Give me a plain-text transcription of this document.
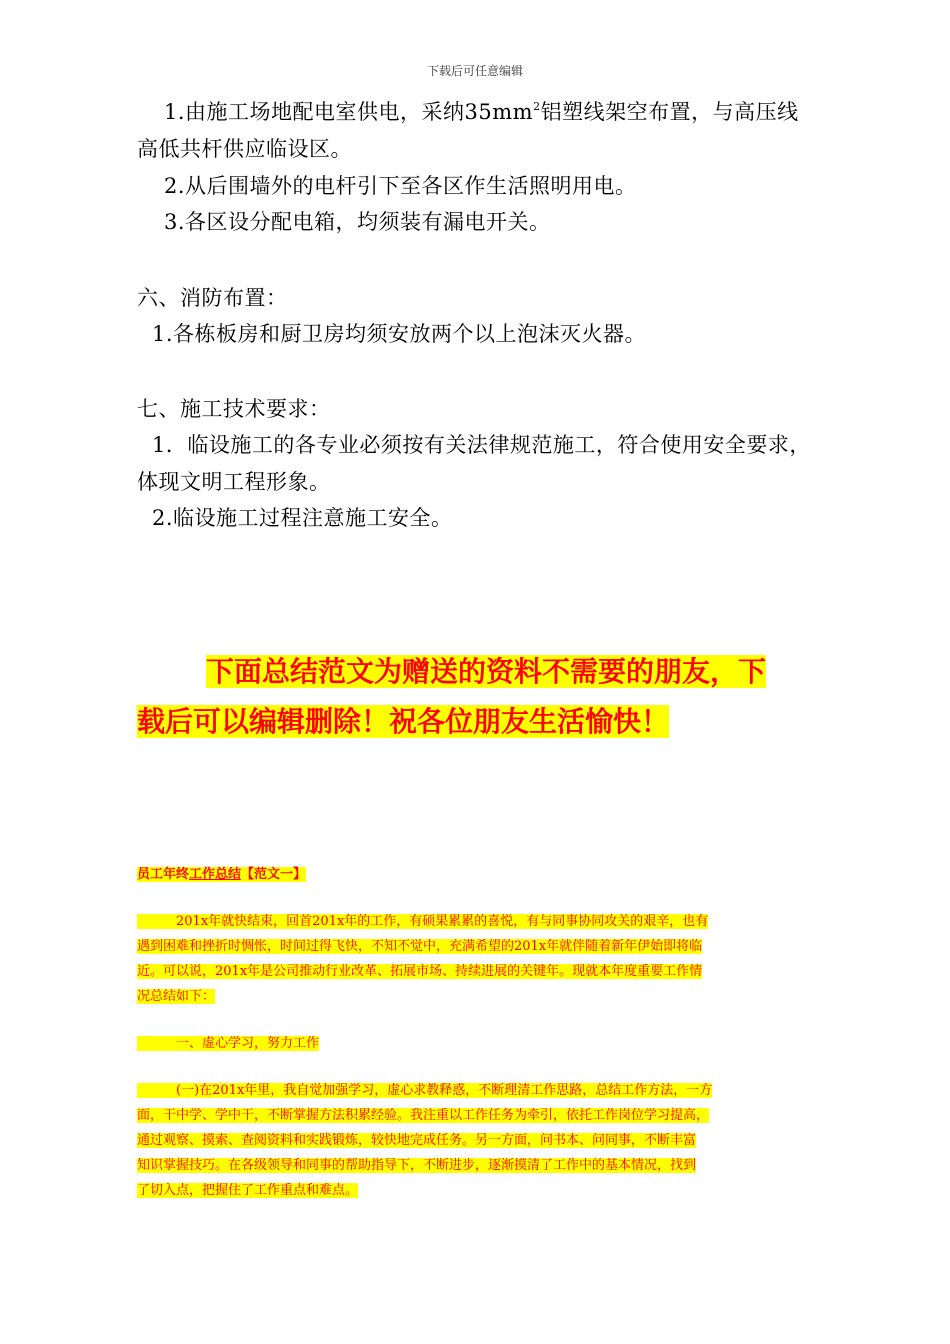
下载后可任意编辑
1.由施工场地配电室供电，采纳$35mm^2$铝塑线架空布置，与高压线
高低共杆供应临设区。
2.从后围墙外的电杆引下至各区作生活照明用电。
3.各区设分配电箱，均须装有漏电开关。
六、消防布置：
1.各栋板房和厨卫房均须安放两个以上泡沫灭火器。
七、施工技术要求：
1．临设施工的各专业必须按有关法律规范施工，符合使用安全要求，
体现文明工程形象。
2.临设施工过程注意施工安全。
下面总结范文为赠送的资料不需要的朋友，下
载后可以编辑删除！祝各位朋友生活愉快！
员工年终工作总结【范文一】
　　　201x年就快结束，回首201x年的工作，有硕果累累的喜悦，有与同事协同攻关的艰辛，也有
遇到困难和挫折时惆怅，时间过得飞快，不知不觉中，充满希望的201x年就伴随着新年伊始即将临
近。可以说，201x年是公司推动行业改革、拓展市场、持续进展的关键年。现就本年度重要工作情
况总结如下：
　　　一、虚心学习，努力工作
　　　(一)在201x年里，我自觉加强学习，虚心求教释惑，不断理清工作思路，总结工作方法，一方
面，干中学、学中干，不断掌握方法积累经验。我注重以工作任务为牵引，依托工作岗位学习提高，
通过观察、摸索、查阅资料和实践锻炼，较快地完成任务。另一方面，问书本、问同事，不断丰富
知识掌握技巧。在各级领导和同事的帮助指导下，不断进步，逐渐摸清了工作中的基本情况，找到
了切入点，把握住了工作重点和难点。
